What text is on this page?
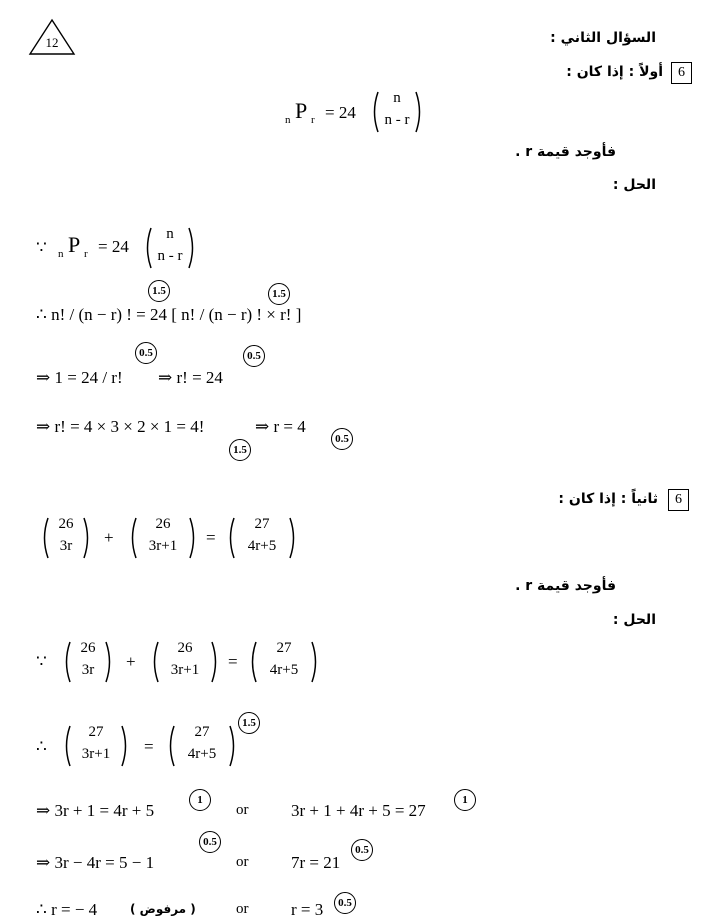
12	السؤال الثاني :
6
أولاً : إذا كان :
n P r = 24
n
n - r
فأوجد قيمة r .
الحل :
∵ n P r = 24
n
n - r
1.5	1.5
∴ n! / (n − r) ! = 24 [ n! / (n − r) ! × r! ]
0.5	0.5
⇒ 1 = 24 / r! ⇒ r! = 24
⇒ r! = 4 × 3 × 2 × 1 = 4!	⇒ r = 4
1.5
0.5
6
ثانياً : إذا كان :
26
3r	+
26
3r+1	=
27
4r+5
فأوجد قيمة r .
الحل :
∵
26
3r	+
26
3r+1	=
27
4r+5
∴
27
3r+1	=
27
4r+5
1.5
⇒ 3r + 1 = 4r + 5
1
or	3r + 1 + 4r + 5 = 27
1
⇒ 3r − 4r = 5 − 1
0.5
or	7r = 21
0.5
∴ r = − 4	( مرفوض )	or	r = 3	0.5
